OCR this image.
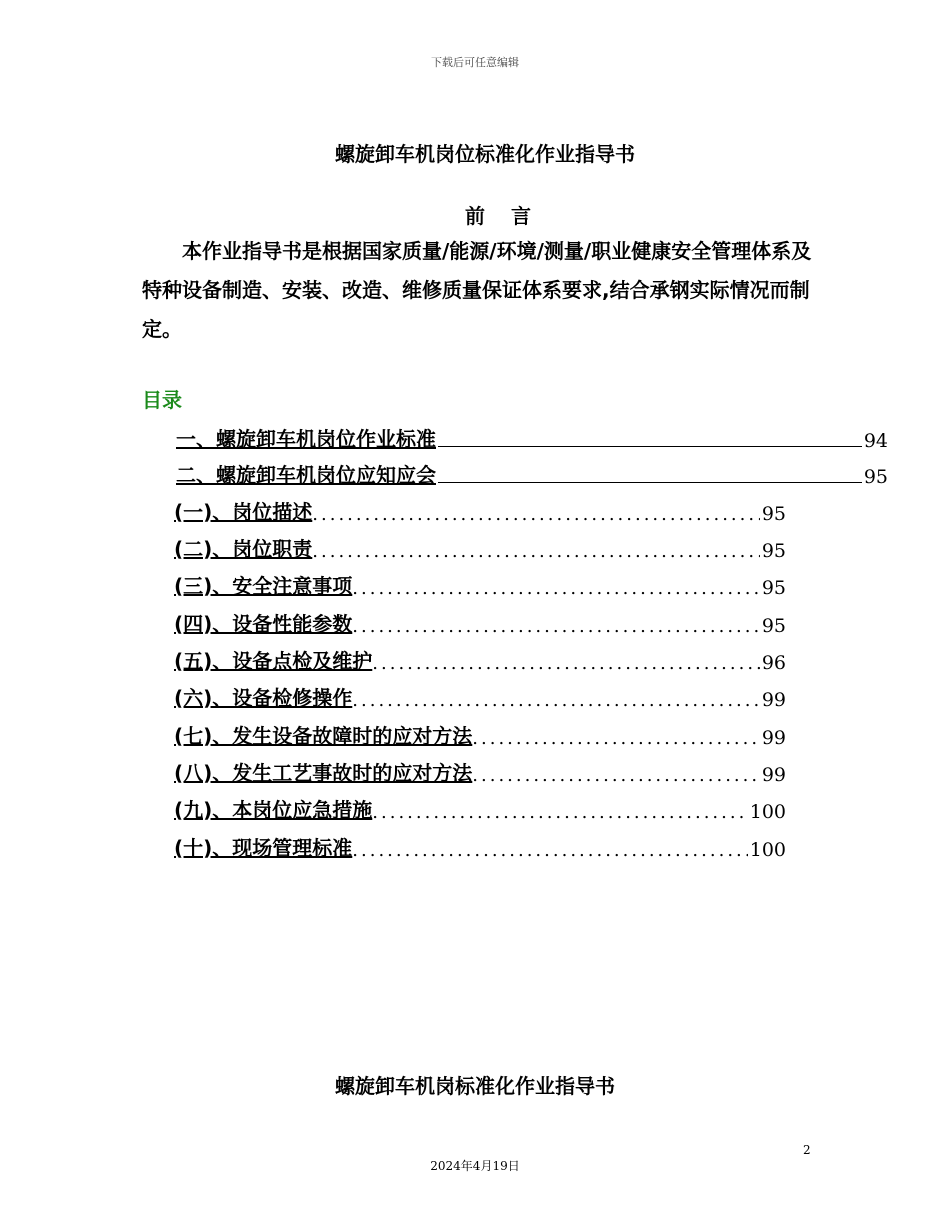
下载后可任意编辑
螺旋卸车机岗位标准化作业指导书
前言
本作业指导书是根据国家质量/能源/环境/测量/职业健康安全管理体系及特种设备制造、安装、改造、维修质量保证体系要求,结合承钢实际情况而制定。
目录
一、螺旋卸车机岗位作业标准	94
二、螺旋卸车机岗位应知应会	95
(一)、岗位描述 .....	95
(二)、岗位职责 .....	95
(三)、安全注意事项 .....	95
(四)、设备性能参数 .....	95
(五)、设备点检及维护 .....	96
(六)、设备检修操作 .....	99
(七)、发生设备故障时的应对方法 .....	99
(八)、发生工艺事故时的应对方法 .....	99
(九)、本岗位应急措施 .....	100
(十)、现场管理标准 .....	100
螺旋卸车机岗标准化作业指导书
2
2024年4月19日
